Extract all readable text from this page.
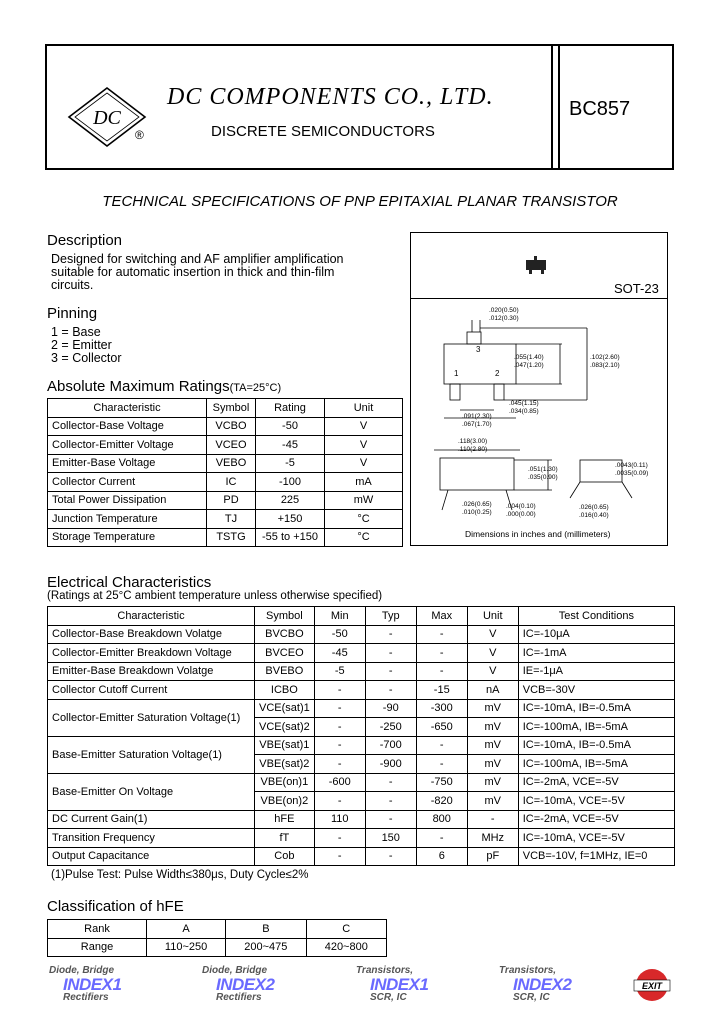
DC
®
DC COMPONENTS CO., LTD.
DISCRETE SEMICONDUCTORS
BC857
TECHNICAL SPECIFICATIONS OF PNP EPITAXIAL PLANAR TRANSISTOR
Description
Designed for switching and AF amplifier amplification
suitable for automatic insertion in thick and thin-film
circuits.
Pinning
1 = Base
2 = Emitter
3 = Collector
Absolute Maximum Ratings(TA=25°C)
Characteristic	Symbol	Rating	Unit
Collector-Base Voltage	VCBO	-50	V
Collector-Emitter Voltage	VCEO	-45	V
Emitter-Base Voltage	VEBO	-5	V
Collector Current	IC	-100	mA
Total Power Dissipation	PD	225	mW
Junction Temperature	TJ	+150	°C
Storage Temperature	TSTG	-55 to +150	°C
SOT-23
1	2
3
.020(0.50)
.012(0.30)
.055(1.40)
.047(1.20)
.102(2.60)
.083(2.10)
.045(1.15)
.034(0.85)
.091(2.30)
.067(1.70)
.118(3.00)
.110(2.80)
.051(1.30)
.035(0.90)
.026(0.65)
.010(0.25)
.004(0.10)
.000(0.00)
.0043(0.11)
.0035(0.09)
.026(0.65)
.016(0.40)
Dimensions in inches and (millimeters)
Electrical Characteristics
(Ratings at 25°C ambient temperature unless otherwise specified)
Characteristic	Symbol	Min	Typ	Max	Unit	Test Conditions
Collector-Base Breakdown Volatge	BVCBO	-50	-	-	V	IC=-10μA
Collector-Emitter Breakdown Voltage	BVCEO	-45	-	-	V	IC=-1mA
Emitter-Base Breakdown Volatge	BVEBO	-5	-	-	V	IE=-1μA
Collector Cutoff Current	ICBO	-	-	-15	nA	VCB=-30V
Collector-Emitter Saturation Voltage(1)	VCE(sat)1	-	-90	-300	mV	IC=-10mA, IB=-0.5mA
	VCE(sat)2	-	-250	-650	mV	IC=-100mA, IB=-5mA
Base-Emitter Saturation Voltage(1)	VBE(sat)1	-	-700	-	mV	IC=-10mA, IB=-0.5mA
	VBE(sat)2	-	-900	-	mV	IC=-100mA, IB=-5mA
Base-Emitter On Voltage	VBE(on)1	-600	-	-750	mV	IC=-2mA, VCE=-5V
	VBE(on)2	-	-	-820	mV	IC=-10mA, VCE=-5V
DC Current Gain(1)	hFE	110	-	800	-	IC=-2mA, VCE=-5V
Transition Frequency	fT	-	150	-	MHz	IC=-10mA, VCE=-5V
Output Capacitance	Cob	-	-	6	pF	VCB=-10V, f=1MHz, IE=0
(1)Pulse Test: Pulse Width≤380μs, Duty Cycle≤2%
Classification of hFE
Rank	A	B	C
Range	110~250	200~475	420~800
Diode, Bridge
INDEX1
Rectifiers
Diode, Bridge
INDEX2
Rectifiers
Transistors,
INDEX1
SCR, IC
Transistors,
INDEX2
SCR, IC
EXIT
